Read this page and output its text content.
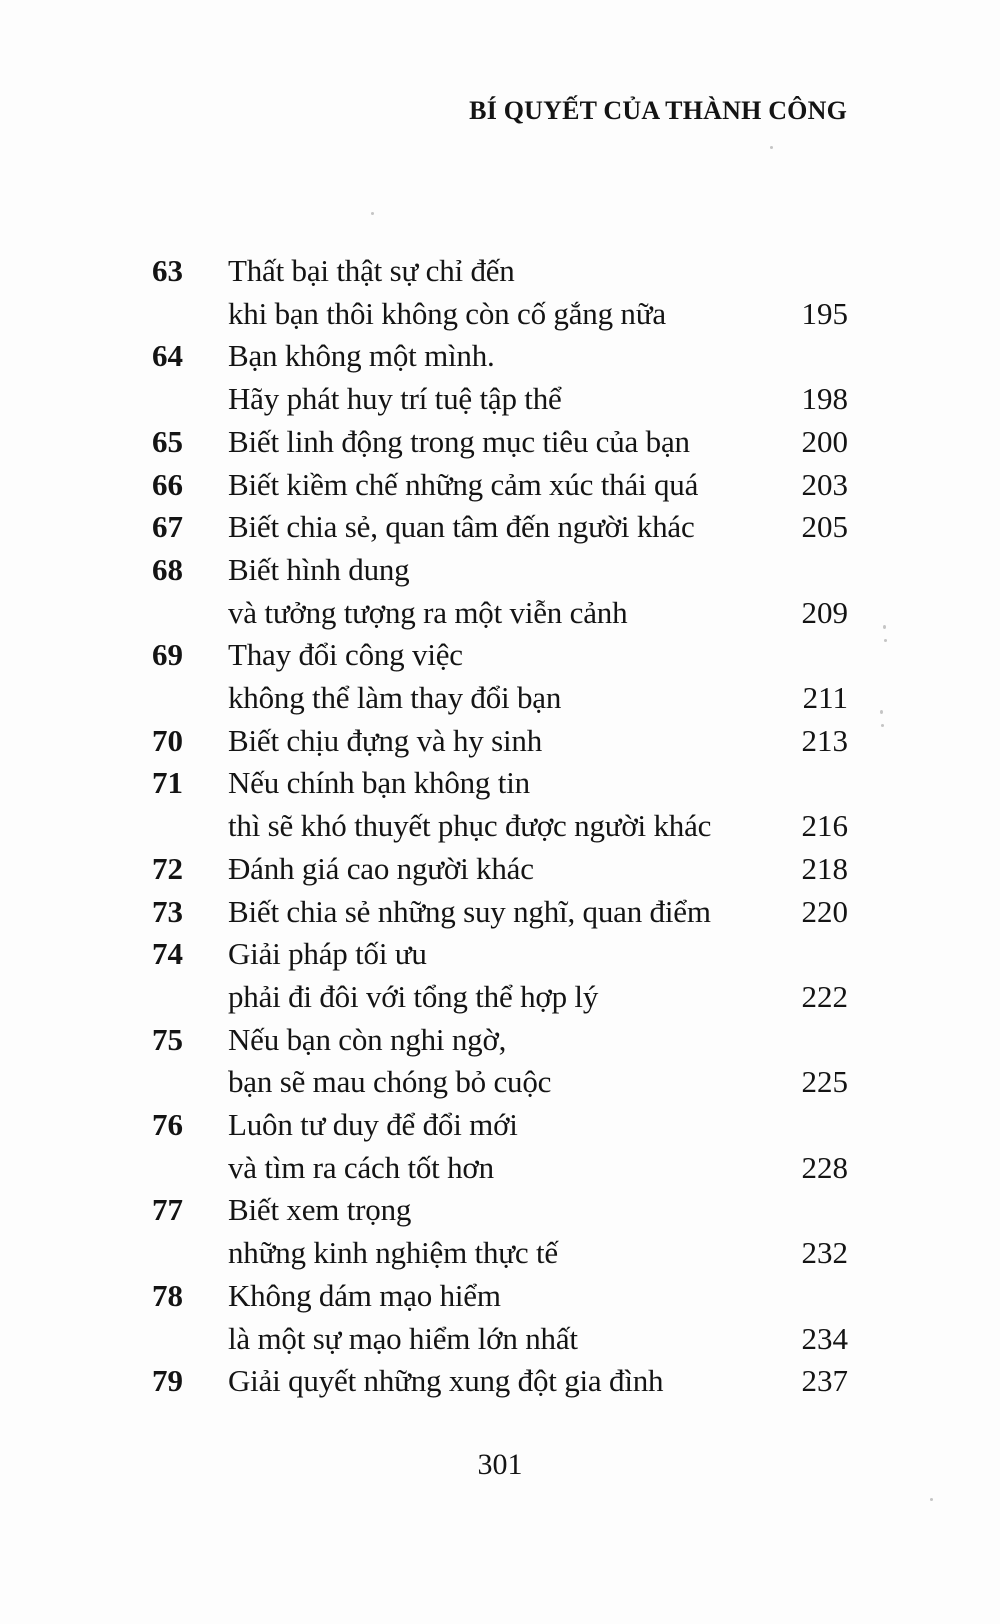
BÍ QUYẾT CỦA THÀNH CÔNG
63	Thất bại thật sự chỉ đến
khi bạn thôi không còn cố gắng nữa	195
64	Bạn không một mình.
Hãy phát huy trí tuệ tập thể	198
65	Biết linh động trong mục tiêu của bạn	200
66	Biết kiềm chế những cảm xúc thái quá	203
67	Biết chia sẻ, quan tâm đến người khác	205
68	Biết hình dung
và tưởng tượng ra một viễn cảnh	209
69	Thay đổi công việc
không thể làm thay đổi bạn	211
70	Biết chịu đựng và hy sinh	213
71	Nếu chính bạn không tin
thì sẽ khó thuyết phục được người khác	216
72	Đánh giá cao người khác	218
73	Biết chia sẻ những suy nghĩ, quan điểm	220
74	Giải pháp tối ưu
phải đi đôi với tổng thể hợp lý	222
75	Nếu bạn còn nghi ngờ,
bạn sẽ mau chóng bỏ cuộc	225
76	Luôn tư duy để đổi mới
và tìm ra cách tốt hơn	228
77	Biết xem trọng
những kinh nghiệm thực tế	232
78	Không dám mạo hiểm
là một sự mạo hiểm lớn nhất	234
79	Giải quyết những xung đột gia đình	237
301
